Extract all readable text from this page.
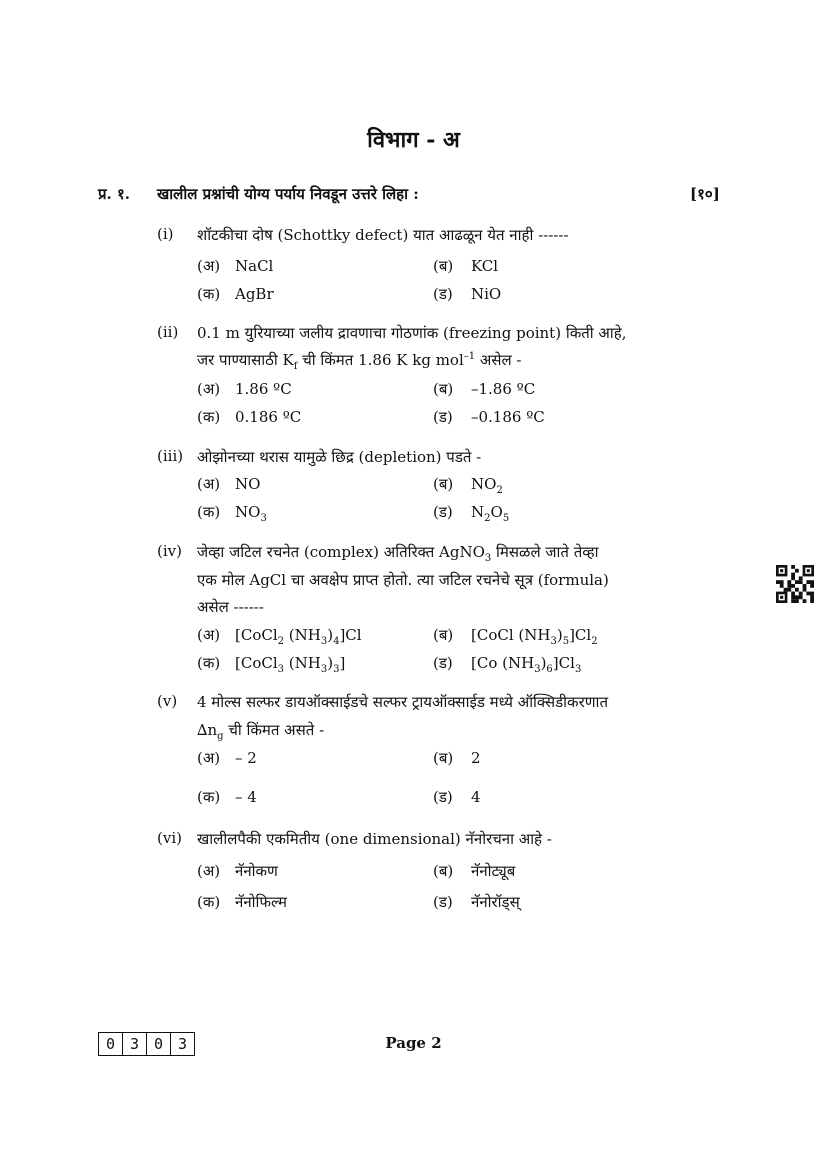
विभाग - अ
प्र. १. खालील प्रश्नांची योग्य पर्याय निवडून उत्तरे लिहा :	[१०]
(i) शॉटकीचा दोष (Schottky defect) यात आढळून येत नाही ------
(अ) NaCl	(ब) KCl
(क) AgBr	(ड) NiO
(ii) 0.1 m युरियाच्या जलीय द्रावणाचा गोठणांक (freezing point) किती आहे,
जर पाण्यासाठी $K_f$ ची किंमत 1.86 K kg mol$^{-1}$ असेल -
(अ) 1.86 ºC	(ब) –1.86 ºC
(क) 0.186 ºC	(ड) –0.186 ºC
(iii) ओझोनच्या थरास यामुळे छिद्र (depletion) पडते -
(अ) NO	(ब) $NO_2$
(क) $NO_3$	(ड) $N_2O_5$
(iv) जेव्हा जटिल रचनेत (complex) अतिरिक्त AgNO$_3$ मिसळले जाते तेव्हा
एक मोल AgCl चा अवक्षेप प्राप्त होतो. त्या जटिल रचनेचे सूत्र (formula)
असेल ------
(अ) [CoCl$_2$ $(NH_3)_4]Cl$	(ब) [CoCl $(NH_3)_5]Cl_2$
(क) [CoCl$_3$ $(NH_3)_3$]	(ड) [Co $(NH_3)_6]Cl_3$
(v) 4 मोल्स सल्फर डायऑक्साईडचे सल्फर ट्रायऑक्साईड मध्ये ऑक्सिडीकरणात
$\Delta n_g$ ची किंमत असते -
(अ) – 2	(ब) 2
(क) – 4	(ड) 4
(vi) खालीलपैकी एकमितीय (one dimensional) नॅनोरचना आहे -
(अ) नॅनोकण	(ब) नॅनोट्यूब
(क) नॅनोफिल्म	(ड) नॅनोरॉड्स्
0 3 0 3	Page 2
